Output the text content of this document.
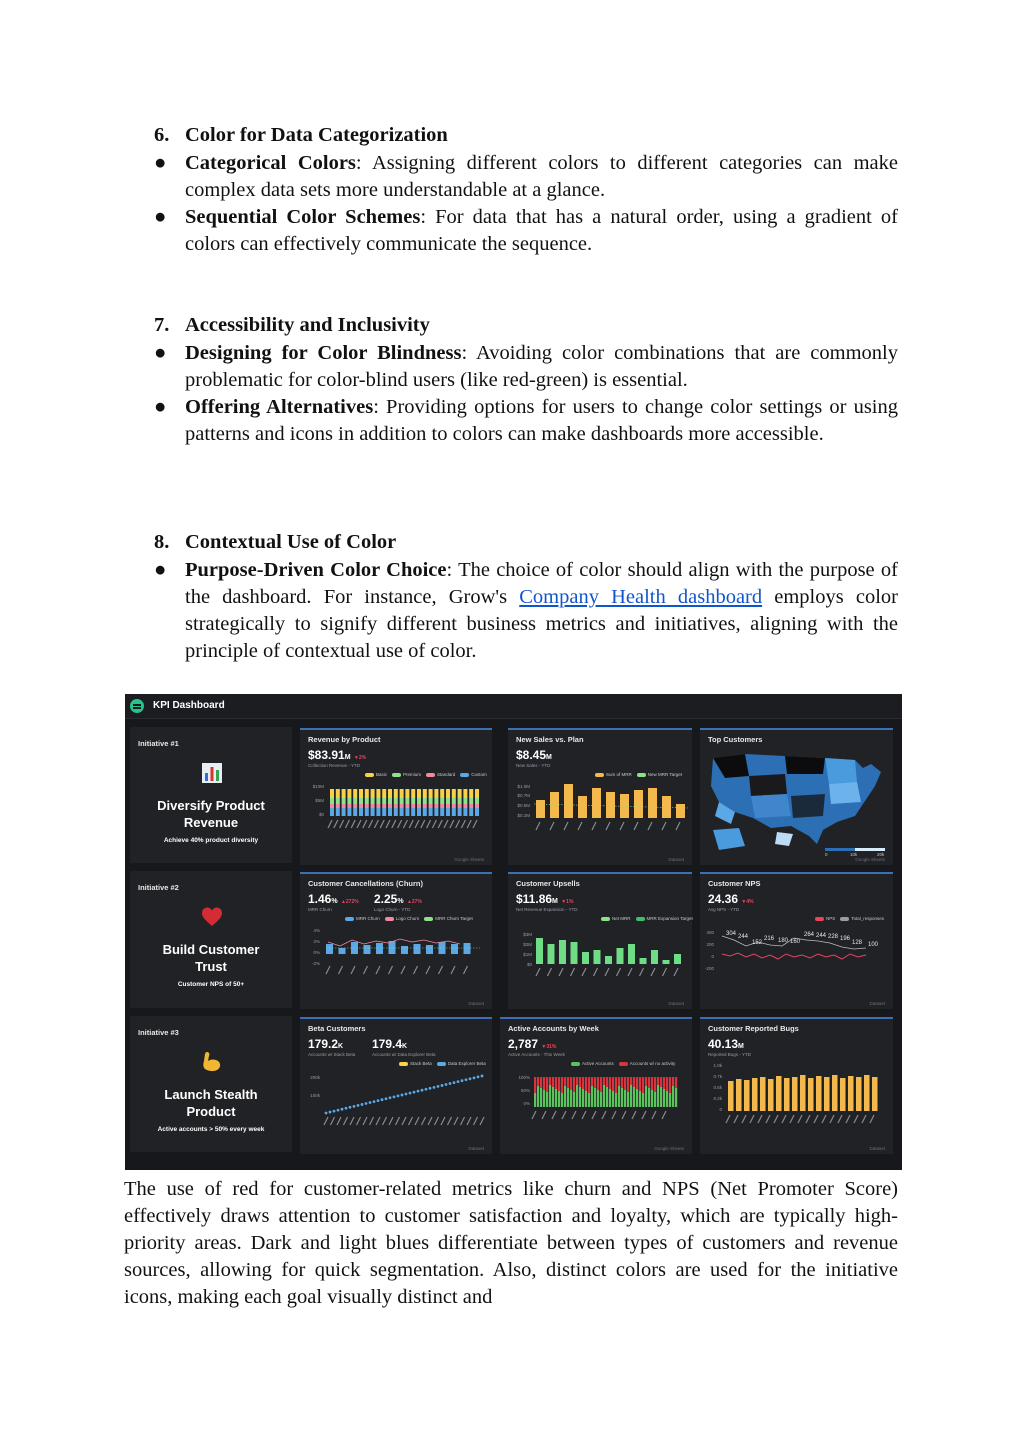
6. Color for Data Categorization
● Categorical Colors: Assigning different colors to different categories can make complex data sets more understandable at a glance.
● Sequential Color Schemes: For data that has a natural order, using a gradient of colors can effectively communicate the sequence.
7. Accessibility and Inclusivity
● Designing for Color Blindness: Avoiding color combinations that are commonly problematic for color-blind users (like red-green) is essential.
● Offering Alternatives: Providing options for users to change color settings or using patterns and icons in addition to colors can make dashboards more accessible.
8. Contextual Use of Color
● Purpose-Driven Color Choice: The choice of color should align with the purpose of the dashboard. For instance, Grow's Company Health dashboard employs color strategically to signify different business metrics and initiatives, aligning with the principle of contextual use of color.
KPI Dashboard
Initiative #1
Diversify Product
Revenue
Achieve 40% product diversity
Initiative #2
Build Customer
Trust
Customer NPS of 50+
Initiative #3
Launch Stealth
Product
Active accounts > 50% every week
Revenue by Product
$83.91M ▼2%
Collection Revenue - YTD
Basic	Premium	Standard	Custom
$10M
$5M
$0
Google Sheets
New Sales vs. Plan
$8.45M
New Sales - YTD
Sum of MRR	New MRR Target
$1.0M
$0.7M
$0.5M
$0.2M
Dataset
Top Customers
0	10k	20k
Google Sheets
Customer Cancellations (Churn)
1.46% ▲272%
MRR Churn
2.25% ▲27%
Logo Churn - YTD
MRR Churn	Logo Churn	MRR Churn Target
4%
2%
0%
-2%
Dataset
Customer Upsells
$11.86M ▼1%
Net Revenue Expansion - YTD
Net MRR	MRR Expansion Target
$3M
$2M
$1M
$0
Dataset
Customer NPS
24.36 ▼4%
Avg NPS - YTD
NPS	Total_responses
400
200
0
-200
304 244
152
216 180 160
264 244 228 196
128 100
Dataset
Beta Customers
179.2K
Accounts w/ Stack Beta
179.4K
Accounts w/ Data Explorer Beta
Stack Beta	Data Explorer Beta
200k
100k
Dataset
Active Accounts by Week
2,787 ▼31%
Active Accounts - This Week
Active Accounts	Accounts w/ no activity
100%
50%
0%
Google Sheets
Customer Reported Bugs
40.13M
Reported Bugs - YTD
1.0k
0.7k
0.5k
0.2k
0
Dataset
The use of red for customer-related metrics like churn and NPS (Net Promoter Score) effectively draws attention to customer satisfaction and loyalty, which are typically high-priority areas. Dark and light blues differentiate between types of customers and revenue sources, allowing for quick segmentation. Also, distinct colors are used for the initiative icons, making each goal visually distinct and
